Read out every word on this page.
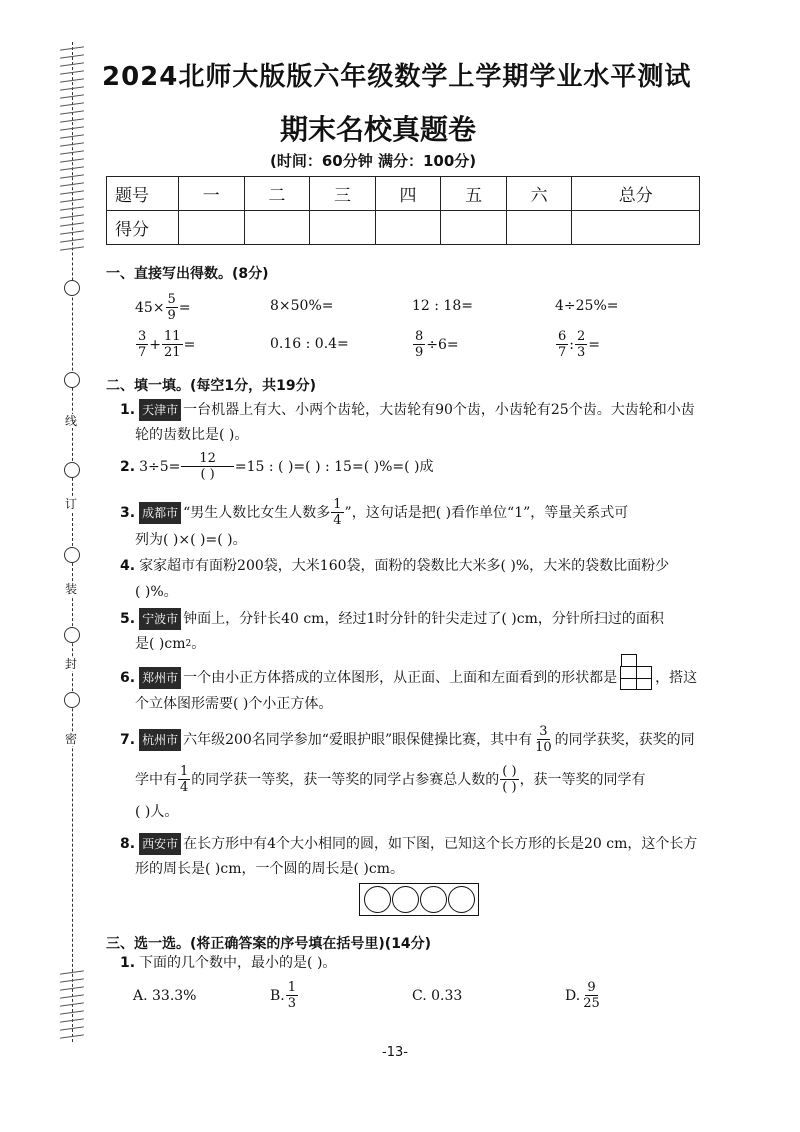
线
订
装
封
密
2024北师大版版六年级数学上学期学业水平测试
期末名校真题卷
(时间：60分钟 满分：100分)
题号	一	二	三	四	五	六	总分
得分							
一、直接写出得数。(8分)
$45\times \frac{5}{9}$ =	8×50%=	12 : 18=	4÷25%=
$\frac{3}{7} + \frac{11}{21}$ =	0.16 : 0.4=	$\frac{8}{9} \div 6=$	$\frac{6}{7}$ : $\frac{2}{3}$ =
二、填一填。(每空1分，共19分)
1. 天津市 一台机器上有大、小两个齿轮，大齿轮有90个齿，小齿轮有25个齿。大齿轮和小齿
轮的齿数比是( )。
2. $3\div 5= \frac{12}{( )} =15$ : ( )=( ) : 15=( )%=( )成
3. 成都市 “男生人数比女生人数多 $\frac{1}{4}$ ”，这句话是把( )看作单位“1”，等量关系式可
列为( )×( )=( )。
4. 家家超市有面粉200袋，大米160袋，面粉的袋数比大米多( )%，大米的袋数比面粉少
( )%。
5. 宁波市 钟面上，分针长40 cm，经过1时分针的针尖走过了( )cm，分针所扫过的面积
是( )cm 2 。
6. 郑州市 一个由小正方体搭成的立体图形，从正面、上面和左面看到的形状都是	，搭这
个立体图形需要( )个小正方体。
7. 杭州市 六年级200名同学参加“爱眼护眼”眼保健操比赛，其中有 $\frac{3}{10}$ 的同学获奖，获奖的同
学中有 $\frac{1}{4}$ 的同学获一等奖，获一等奖的同学占参赛总人数的 $\frac{( )}{( )}$ ，获一等奖的同学有
( )人。
8. 西安市 在长方形中有4个大小相同的圆，如下图，已知这个长方形的长是20 cm，这个长方
形的周长是( )cm，一个圆的周长是( )cm。
三、选一选。(将正确答案的序号填在括号里)(14分)
1. 下面的几个数中，最小的是( )。
A. 33.3%	B. $\frac{1}{3}$	C. 0.33	D. $\frac{9}{25}$
-13-
